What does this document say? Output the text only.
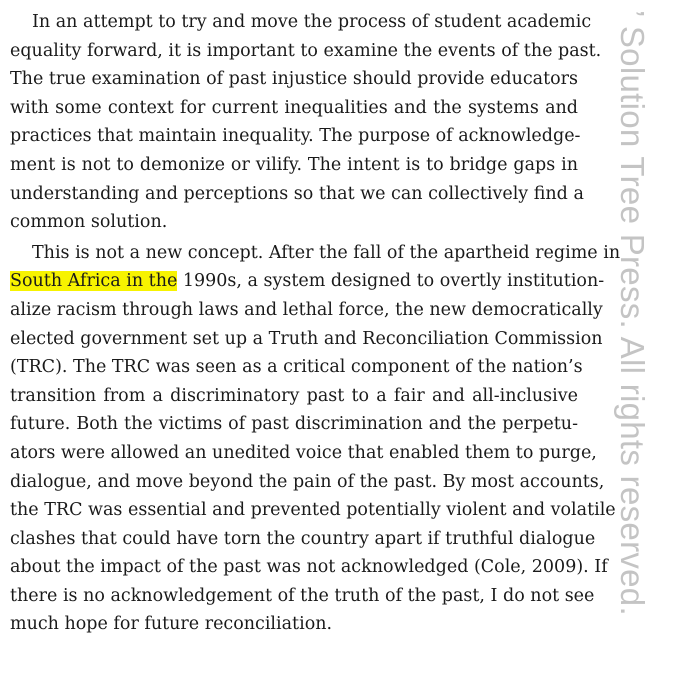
In an attempt to try and move the process of student academic
equality forward, it is important to examine the events of the past.
The true examination of past injustice should provide educators
with some context for current inequalities and the systems and
practices that maintain inequality. The purpose of acknowledge-
ment is not to demonize or vilify. The intent is to bridge gaps in
understanding and perceptions so that we can collectively find a
common solution.
This is not a new concept. After the fall of the apartheid regime in
South Africa in the 1990s, a system designed to overtly institution-
alize racism through laws and lethal force, the new democratically
elected government set up a Truth and Reconciliation Commission
(TRC). The TRC was seen as a critical component of the nation’s
transition from a discriminatory past to a fair and all-inclusive
future. Both the victims of past discrimination and the perpetu-
ators were allowed an unedited voice that enabled them to purge,
dialogue, and move beyond the pain of the past. By most accounts,
the TRC was essential and prevented potentially violent and volatile
clashes that could have torn the country apart if truthful dialogue
about the impact of the past was not acknowledged (Cole, 2009). If
there is no acknowledgement of the truth of the past, I do not see
much hope for future reconciliation.
’ Solution Tree Press. All rights reserved.
